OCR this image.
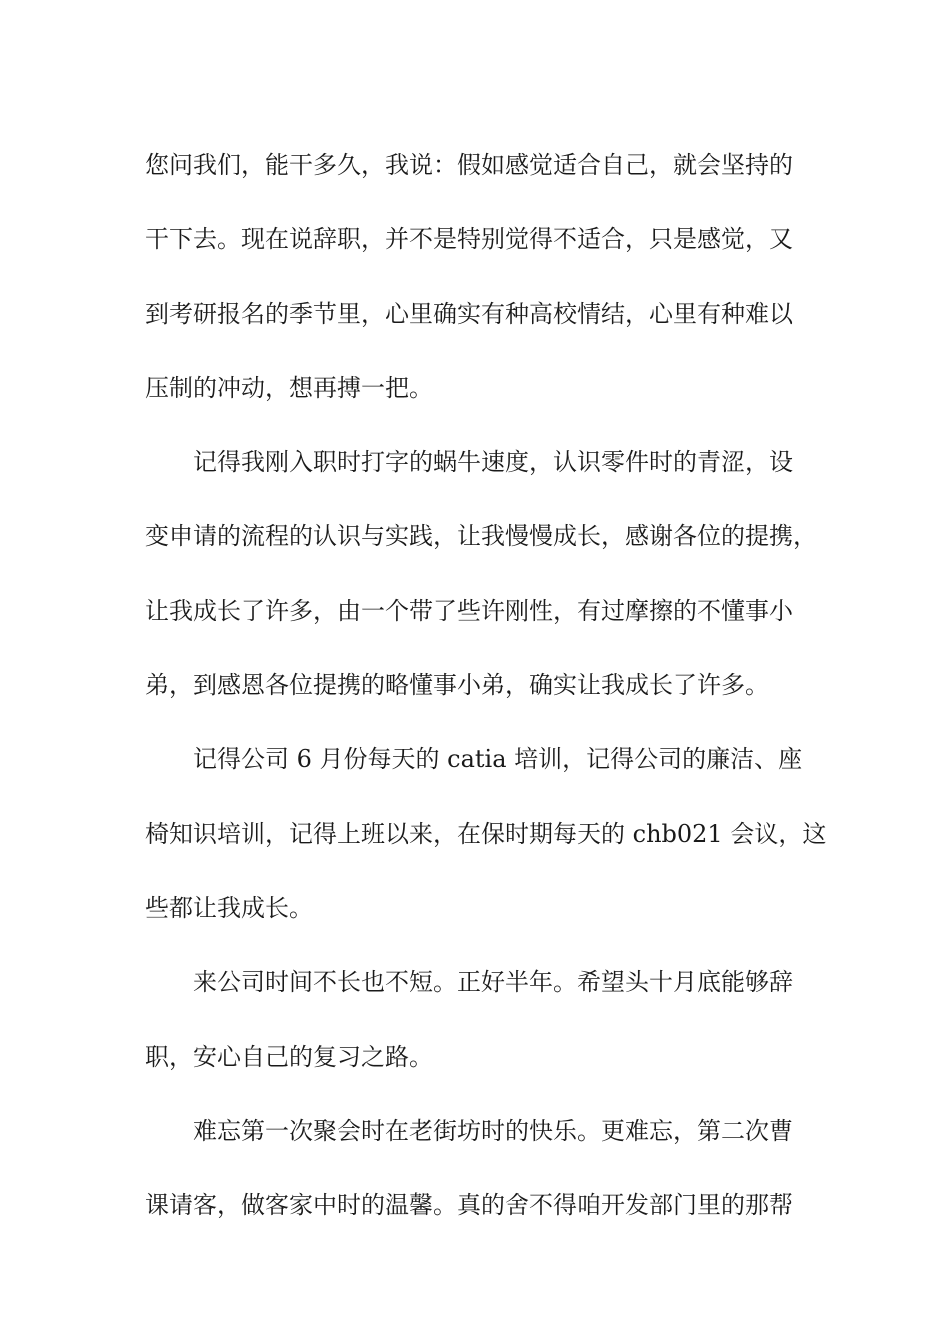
您问我们，能干多久，我说：假如感觉适合自己，就会坚持的
干下去。现在说辞职，并不是特别觉得不适合，只是感觉，又
到考研报名的季节里，心里确实有种高校情结，心里有种难以
压制的冲动，想再搏一把。
记得我刚入职时打字的蜗牛速度，认识零件时的青涩，设
变申请的流程的认识与实践，让我慢慢成长，感谢各位的提携，
让我成长了许多，由一个带了些许刚性，有过摩擦的不懂事小
弟，到感恩各位提携的略懂事小弟，确实让我成长了许多。
记得公司 6 月份每天的 catia 培训，记得公司的廉洁、座
椅知识培训，记得上班以来，在保时期每天的 chb021 会议，这
些都让我成长。
来公司时间不长也不短。正好半年。希望头十月底能够辞
职，安心自己的复习之路。
难忘第一次聚会时在老街坊时的快乐。更难忘，第二次曹
课请客，做客家中时的温馨。真的舍不得咱开发部门里的那帮
